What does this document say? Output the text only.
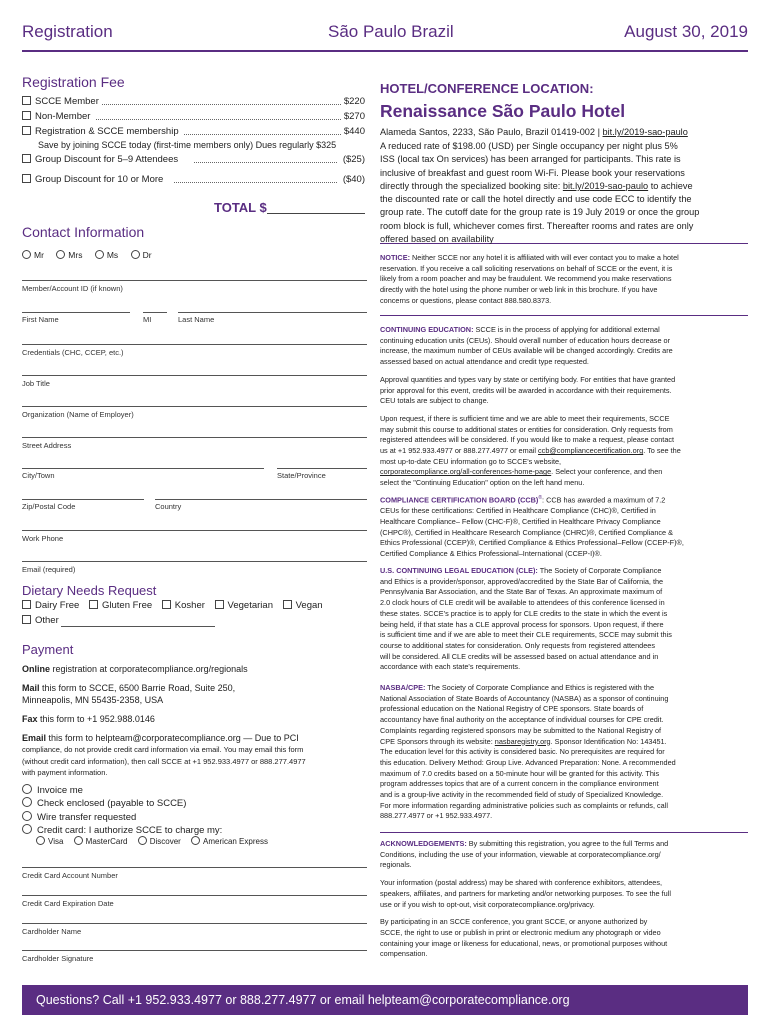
Registration	São Paulo Brazil	August 30, 2019
Registration Fee
SCCE Member	$220
Non-Member	$270
Registration & SCCE membership	$440
Save by joining SCCE today (first-time members only) Dues regularly $325
Group Discount for 5–9 Attendees	($25)
Group Discount for 10 or More	($40)
TOTAL $
Contact Information
Mr	Mrs	Ms	Dr
Member/Account ID (if known)
First Name	MI	Last Name
Credentials (CHC, CCEP, etc.)
Job Title
Organization (Name of Employer)
Street Address
City/Town	State/Province
Zip/Postal Code	Country
Work Phone
Email (required)
Dietary Needs Request
Dairy Free Gluten Free Kosher Vegetarian Vegan
Other
Payment
Online registration at corporatecompliance.org/regionals
Mail this form to SCCE, 6500 Barrie Road, Suite 250,
Minneapolis, MN 55435-2358, USA
Fax this form to +1 952.988.0146
Email this form to helpteam@corporatecompliance.org — Due to PCI
compliance, do not provide credit card information via email. You may email this form
(without credit card information), then call SCCE at +1 952.933.4977 or 888.277.4977
with payment information.
Invoice me
Check enclosed (payable to SCCE)
Wire transfer requested
Credit card: I authorize SCCE to charge my:
Visa	MasterCard	Discover	American Express
Credit Card Account Number
Credit Card Expiration Date
Cardholder Name
Cardholder Signature
HOTEL/CONFERENCE LOCATION:
Renaissance São Paulo Hotel
Alameda Santos, 2233, São Paulo, Brazil 01419-002 | bit.ly/2019-sao-paulo
A reduced rate of $198.00 (USD) per Single occupancy per night plus 5%
ISS (local tax On services) has been arranged for participants. This rate is
inclusive of breakfast and guest room Wi-Fi. Please book your reservations
directly through the specialized booking site: bit.ly/2019-sao-paulo to achieve
the discounted rate or call the hotel directly and use code ECC to identify the
group rate. The cutoff date for the group rate is 19 July 2019 or once the group
room block is full, whichever comes first. Thereafter rooms and rates are only
offered based on availability
NOTICE: Neither SCCE nor any hotel it is affiliated with will ever contact you to make a hotel
reservation. If you receive a call soliciting reservations on behalf of SCCE or the event, it is
likely from a room poacher and may be fraudulent. We recommend you make reservations
directly with the hotel using the phone number or web link in this brochure. If you have
concerns or questions, please contact 888.580.8373.
CONTINUING EDUCATION: SCCE is in the process of applying for additional external
continuing education units (CEUs). Should overall number of education hours decrease or
increase, the maximum number of CEUs available will be changed accordingly. Credits are
assessed based on actual attendance and credit type requested.
Approval quantities and types vary by state or certifying body. For entities that have granted
prior approval for this event, credits will be awarded in accordance with their requirements.
CEU totals are subject to change.
Upon request, if there is sufficient time and we are able to meet their requirements, SCCE
may submit this course to additional states or entities for consideration. Only requests from
registered attendees will be considered. If you would like to make a request, please contact
us at +1 952.933.4977 or 888.277.4977 or email ccb@compliancecertification.org. To see the
most up-to-date CEU information go to SCCE's website,
corporatecompliance.org/all-conferences-home-page. Select your conference, and then
select the "Continuing Education" option on the left hand menu.
COMPLIANCE CERTIFICATION BOARD (CCB)®: CCB has awarded a maximum of 7.2
CEUs for these certifications: Certified in Healthcare Compliance (CHC)®, Certified in
Healthcare Compliance– Fellow (CHC-F)®, Certified in Healthcare Privacy Compliance
(CHPC®), Certified in Healthcare Research Compliance (CHRC)®, Certified Compliance &
Ethics Professional (CCEP)®, Certified Compliance & Ethics Professional–Fellow (CCEP-F)®,
Certified Compliance & Ethics Professional–International (CCEP-I)®.
U.S. CONTINUING LEGAL EDUCATION (CLE): The Society of Corporate Compliance
and Ethics is a provider/sponsor, approved/accredited by the State Bar of California, the
Pennsylvania Bar Association, and the State Bar of Texas. An approximate maximum of
2.0 clock hours of CLE credit will be available to attendees of this conference licensed in
these states. SCCE's practice is to apply for CLE credits to the state in which the event is
being held, if that state has a CLE approval process for sponsors. Upon request, if there
is sufficient time and if we are able to meet their CLE requirements, SCCE may submit this
course to additional states for consideration. Only requests from registered attendees
will be considered. All CLE credits will be assessed based on actual attendance and in
accordance with each state's requirements.
NASBA/CPE: The Society of Corporate Compliance and Ethics is registered with the
National Association of State Boards of Accountancy (NASBA) as a sponsor of continuing
professional education on the National Registry of CPE sponsors. State boards of
accountancy have final authority on the acceptance of individual courses for CPE credit.
Complaints regarding registered sponsors may be submitted to the National Registry of
CPE Sponsors through its website: nasbaregistry.org. Sponsor Identification No: 143451.
The education level for this activity is considered basic. No prerequisites are required for
this education. Delivery Method: Group Live. Advanced Preparation: None. A recommended
maximum of 7.0 credits based on a 50-minute hour will be granted for this activity. This
program addresses topics that are of a current concern in the compliance environment
and is a group-live activity in the recommended field of study of Specialized Knowledge.
For more information regarding administrative policies such as complaints or refunds, call
888.277.4977 or +1 952.933.4977.
ACKNOWLEDGEMENTS: By submitting this registration, you agree to the full Terms and
Conditions, including the use of your information, viewable at corporatecompliance.org/
regionals.
Your information (postal address) may be shared with conference exhibitors, attendees,
speakers, affiliates, and partners for marketing and/or networking purposes. To see the full
use or if you wish to opt-out, visit corporatecompliance.org/privacy.
By participating in an SCCE conference, you grant SCCE, or anyone authorized by
SCCE, the right to use or publish in print or electronic medium any photograph or video
containing your image or likeness for educational, news, or promotional purposes without
compensation.
Questions? Call +1 952.933.4977 or 888.277.4977 or email helpteam@corporatecompliance.org
